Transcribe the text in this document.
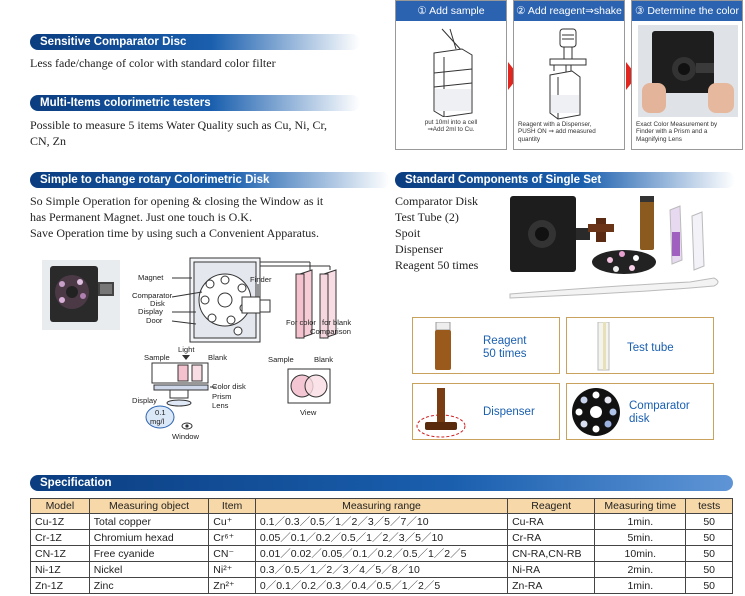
Sensitive Comparator Disc
Less fade/change of color with standard color filter
Multi-Items colorimetric testers
Possible to measure 5 items Water Quality such as Cu, Ni, Cr,
CN, Zn
Simple to change rotary Colorimetric Disk
So Simple Operation for opening & closing the Window as it
has Permanent Magnet. Just one touch is O.K.
Save Operation time by using such a Convenient Apparatus.
Magnet	Finder
Comparator
Disk
Display
Door	For color for blank
Comparison
Light
Sample	Blank
Color disk
Prism
Lens
Display
0.1
mg/l
Window
Sample	Blank
View
① Add sample
put 10ml into a cell
⇒Add 2ml to Cu.
② Add reagent⇒shake
Reagent with a Dispenser,
PUSH ON ⇒ add measured
quantity
③ Determine the color
Exact Color Measurement by
Finder with a Prism and a
Magnifying Lens
Standard Components of Single Set
Comparator Disk
Test Tube (2)
Spoit
Dispenser
Reagent 50 times
Reagent
50 times	Test tube
Dispenser	Comparator
disk
Specification
Model	Measuring object	Item	Measuring range	Reagent	Measuring time	tests
Cu-1Z	Total copper	Cu⁺	0.1／0.3／0.5／1／2／3／5／7／10	Cu-RA	1min.	50
Cr-1Z	Chromium hexad	Cr⁶⁺	0.05／0.1／0.2／0.5／1／2／3／5／10	Cr-RA	5min.	50
CN-1Z	Free cyanide	CN⁻	0.01／0.02／0.05／0.1／0.2／0.5／1／2／5	CN-RA,CN-RB	10min.	50
Ni-1Z	Nickel	Ni²⁺	0.3／0.5／1／2／3／4／5／8／10	Ni-RA	2min.	50
Zn-1Z	Zinc	Zn²⁺	0／0.1／0.2／0.3／0.4／0.5／1／2／5	Zn-RA	1min.	50
